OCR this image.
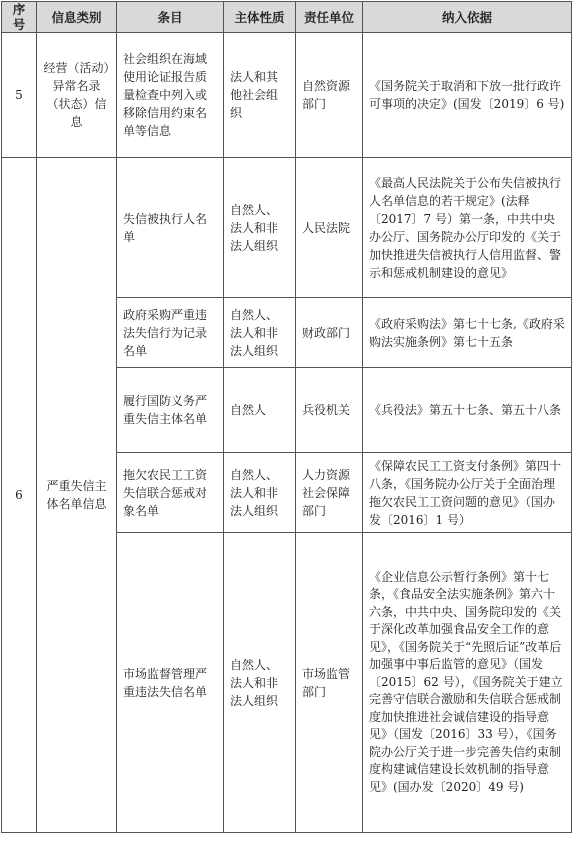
序号	信息类别	条目	主体性质	责任单位	纳入依据
5	经营（活动）异常名录（状态）信息	社会组织在海域使用论证报告质量检查中列入或移除信用约束名单等信息	法人和其他社会组织	自然资源部门	《国务院关于取消和下放一批行政许可事项的决定》(国发〔2019〕6 号)
6	严重失信主体名单信息	失信被执行人名单	自然人、法人和非法人组织	人民法院	《最高人民法院关于公布失信被执行人名单信息的若干规定》(法释〔2017〕7 号）第一条，中共中央办公厅、国务院办公厅印发的《关于加快推进失信被执行人信用监督、警示和惩戒机制建设的意见》
		政府采购严重违法失信行为记录名单	自然人、法人和非法人组织	财政部门	《政府采购法》第七十七条,《政府采购法实施条例》第七十五条
		履行国防义务严重失信主体名单	自然人	兵役机关	《兵役法》第五十七条、第五十八条
		拖欠农民工工资失信联合惩戒对象名单	自然人、法人和非法人组织	人力资源社会保障部门	《保障农民工工资支付条例》第四十八条，《国务院办公厅关于全面治理拖欠农民工工资问题的意见》（国办发〔2016〕1 号）
		市场监督管理严重违法失信名单	自然人、法人和非法人组织	市场监管部门	《企业信息公示暂行条例》第十七条，《食品安全法实施条例》第六十六条，中共中央、国务院印发的《关于深化改革加强食品安全工作的意见》，《国务院关于“先照后证”改革后加强事中事后监管的意见》（国发〔2015〕62 号），《国务院关于建立完善守信联合激励和失信联合惩戒制度加快推进社会诚信建设的指导意见》（国发〔2016〕33 号），《国务院办公厅关于进一步完善失信约束制度构建诚信建设长效机制的指导意见》(国办发〔2020〕49 号)
